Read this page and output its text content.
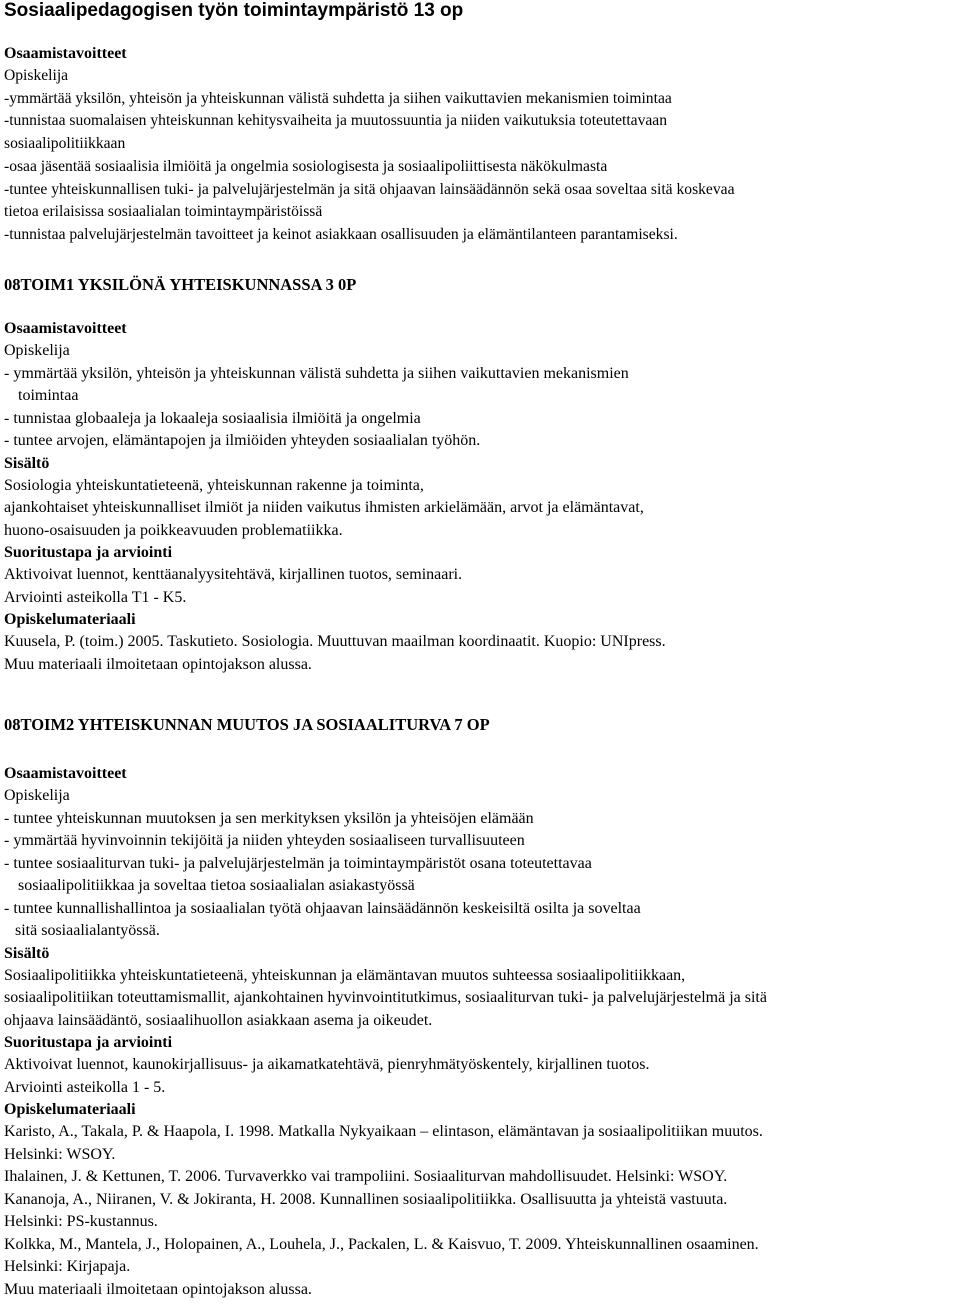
Sosiaalipedagogisen työn toimintaympäristö 13 op
Osaamistavoitteet
Opiskelija
-ymmärtää yksilön, yhteisön ja yhteiskunnan välistä suhdetta ja siihen vaikuttavien mekanismien toimintaa
-tunnistaa suomalaisen yhteiskunnan kehitysvaiheita ja muutossuuntia ja niiden vaikutuksia toteutettavaan
sosiaalipolitiikkaan
-osaa jäsentää sosiaalisia ilmiöitä ja ongelmia sosiologisesta ja sosiaalipoliittisesta näkökulmasta
-tuntee yhteiskunnallisen tuki- ja palvelujärjestelmän ja sitä ohjaavan lainsäädännön sekä osaa soveltaa sitä koskevaa
tietoa erilaisissa sosiaalialan toimintaympäristöissä
-tunnistaa palvelujärjestelmän tavoitteet ja keinot asiakkaan osallisuuden ja elämäntilanteen parantamiseksi.
08TOIM1 YKSILÖNÄ YHTEISKUNNASSA 3 0P
Osaamistavoitteet
Opiskelija
- ymmärtää yksilön, yhteisön ja yhteiskunnan välistä suhdetta ja siihen vaikuttavien mekanismien
toimintaa
- tunnistaa globaaleja ja lokaaleja sosiaalisia ilmiöitä ja ongelmia
- tuntee arvojen, elämäntapojen ja ilmiöiden yhteyden sosiaalialan työhön.
Sisältö
Sosiologia yhteiskuntatieteenä, yhteiskunnan rakenne ja toiminta,
ajankohtaiset yhteiskunnalliset ilmiöt ja niiden vaikutus ihmisten arkielämään, arvot ja elämäntavat,
huono-osaisuuden ja poikkeavuuden problematiikka.
Suoritustapa ja arviointi
Aktivoivat luennot, kenttäanalyysitehtävä, kirjallinen tuotos, seminaari.
Arviointi asteikolla T1 - K5.
Opiskelumateriaali
Kuusela, P. (toim.) 2005. Taskutieto. Sosiologia. Muuttuvan maailman koordinaatit. Kuopio: UNIpress.
Muu materiaali ilmoitetaan opintojakson alussa.
08TOIM2 YHTEISKUNNAN MUUTOS JA SOSIAALITURVA 7 OP
Osaamistavoitteet
Opiskelija
- tuntee yhteiskunnan muutoksen ja sen merkityksen yksilön ja yhteisöjen elämään
- ymmärtää hyvinvoinnin tekijöitä ja niiden yhteyden sosiaaliseen turvallisuuteen
- tuntee sosiaaliturvan tuki- ja palvelujärjestelmän ja toimintaympäristöt osana toteutettavaa
sosiaalipolitiikkaa ja soveltaa tietoa sosiaalialan asiakastyössä
- tuntee kunnallishallintoa ja sosiaalialan työtä ohjaavan lainsäädännön keskeisiltä osilta ja soveltaa
sitä sosiaalialantyössä.
Sisältö
Sosiaalipolitiikka yhteiskuntatieteenä, yhteiskunnan ja elämäntavan muutos suhteessa sosiaalipolitiikkaan,
sosiaalipolitiikan toteuttamismallit, ajankohtainen hyvinvointitutkimus, sosiaaliturvan tuki- ja palvelujärjestelmä ja sitä
ohjaava lainsäädäntö, sosiaalihuollon asiakkaan asema ja oikeudet.
Suoritustapa ja arviointi
Aktivoivat luennot, kaunokirjallisuus- ja aikamatkatehtävä, pienryhmätyöskentely, kirjallinen tuotos.
Arviointi asteikolla 1 - 5.
Opiskelumateriaali
Karisto, A., Takala, P. & Haapola, I. 1998. Matkalla Nykyaikaan – elintason, elämäntavan ja sosiaalipolitiikan muutos.
Helsinki: WSOY.
Ihalainen, J. & Kettunen, T. 2006. Turvaverkko vai trampoliini. Sosiaaliturvan mahdollisuudet. Helsinki: WSOY.
Kananoja, A., Niiranen, V. & Jokiranta, H. 2008. Kunnallinen sosiaalipolitiikka. Osallisuutta ja yhteistä vastuuta.
Helsinki: PS-kustannus.
Kolkka, M., Mantela, J., Holopainen, A., Louhela, J., Packalen, L. & Kaisvuo, T. 2009. Yhteiskunnallinen osaaminen.
Helsinki: Kirjapaja.
Muu materiaali ilmoitetaan opintojakson alussa.
